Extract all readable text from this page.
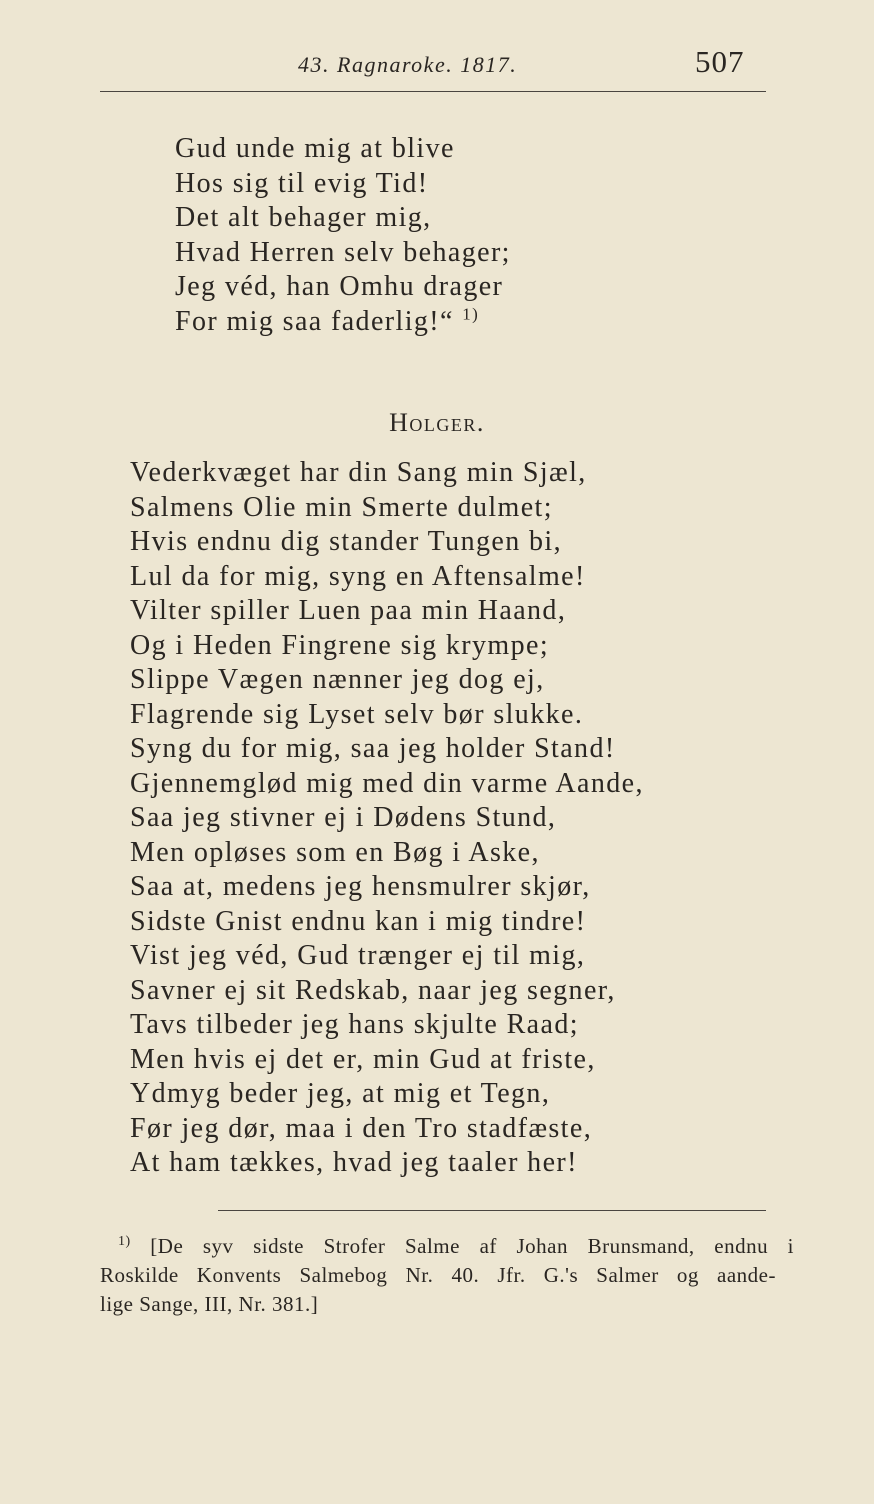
43. Ragnaroke. 1817.	507
Gud unde mig at blive
Hos sig til evig Tid!
Det alt behager mig,
Hvad Herren selv behager;
Jeg véd, han Omhu drager
For mig saa faderlig!“ $^{1)}$
Holger.
Vederkvæget har din Sang min Sjæl,
Salmens Olie min Smerte dulmet;
Hvis endnu dig stander Tungen bi,
Lul da for mig, syng en Aftensalme!
Vilter spiller Luen paa min Haand,
Og i Heden Fingrene sig krympe;
Slippe Vægen nænner jeg dog ej,
Flagrende sig Lyset selv bør slukke.
Syng du for mig, saa jeg holder Stand!
Gjennemglød mig med din varme Aande,
Saa jeg stivner ej i Dødens Stund,
Men opløses som en Bøg i Aske,
Saa at, medens jeg hensmulrer skjør,
Sidste Gnist endnu kan i mig tindre!
Vist jeg véd, Gud trænger ej til mig,
Savner ej sit Redskab, naar jeg segner,
Tavs tilbeder jeg hans skjulte Raad;
Men hvis ej det er, min Gud at friste,
Ydmyg beder jeg, at mig et Tegn,
Før jeg dør, maa i den Tro stadfæste,
At ham tækkes, hvad jeg taaler her!
$^{1)}$ [De syv sidste Strofer Salme af Johan Brunsmand, endnu i
Roskilde Konvents Salmebog Nr. 40. Jfr. G.'s Salmer og aande-
lige Sange, III, Nr. 381.]
